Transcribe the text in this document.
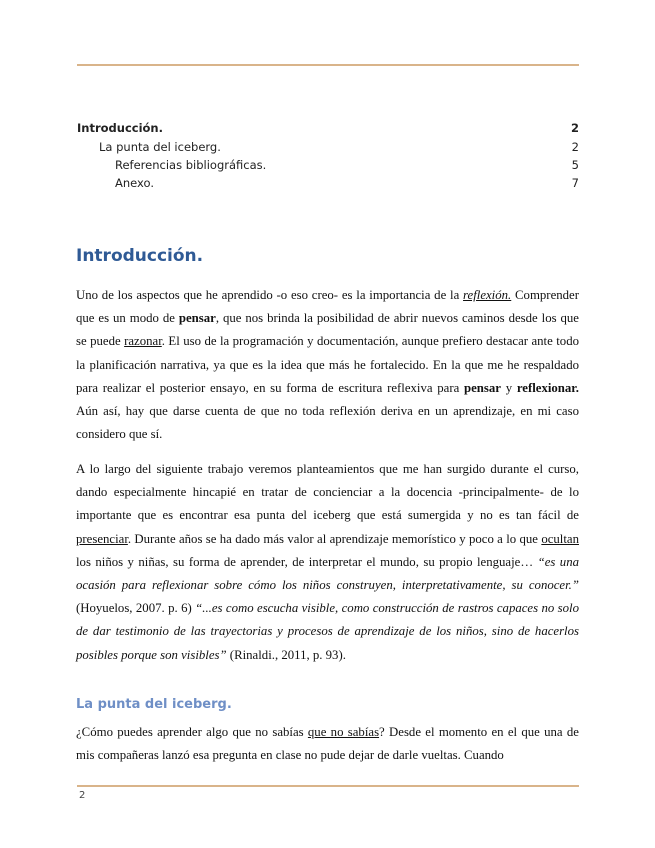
Introducción.	2
La punta del iceberg.	2
Referencias bibliográficas.	5
Anexo.	7
Introducción.

Uno de los aspectos que he aprendido -o eso creo- es la importancia de la reflexión. Comprender que es un modo de pensar, que nos brinda la posibilidad de abrir nuevos caminos desde los que se puede razonar. El uso de la programación y documentación, aunque prefiero destacar ante todo la planificación narrativa, ya que es la idea que más he fortalecido. En la que me he respaldado para realizar el posterior ensayo, en su forma de escritura reflexiva para pensar y reflexionar. Aún así, hay que darse cuenta de que no toda reflexión deriva en un aprendizaje, en mi caso considero que sí.

A lo largo del siguiente trabajo veremos planteamientos que me han surgido durante el curso, dando especialmente hincapié en tratar de concienciar a la docencia -principalmente- de lo importante que es encontrar esa punta del iceberg que está sumergida y no es tan fácil de presenciar. Durante años se ha dado más valor al aprendizaje memorístico y poco a lo que ocultan los niños y niñas, su forma de aprender, de interpretar el mundo, su propio lenguaje… “es una ocasión para reflexionar sobre cómo los niños construyen, interpretativamente, su conocer.” (Hoyuelos, 2007. p. 6) “...es como escucha visible, como construcción de rastros capaces no solo de dar testimonio de las trayectorias y procesos de aprendizaje de los niños, sino de hacerlos posibles porque son visibles” (Rinaldi., 2011, p. 93).

La punta del iceberg.

¿Cómo puedes aprender algo que no sabías que no sabías? Desde el momento en el que una de mis compañeras lanzó esa pregunta en clase no pude dejar de darle vueltas. Cuando

2
